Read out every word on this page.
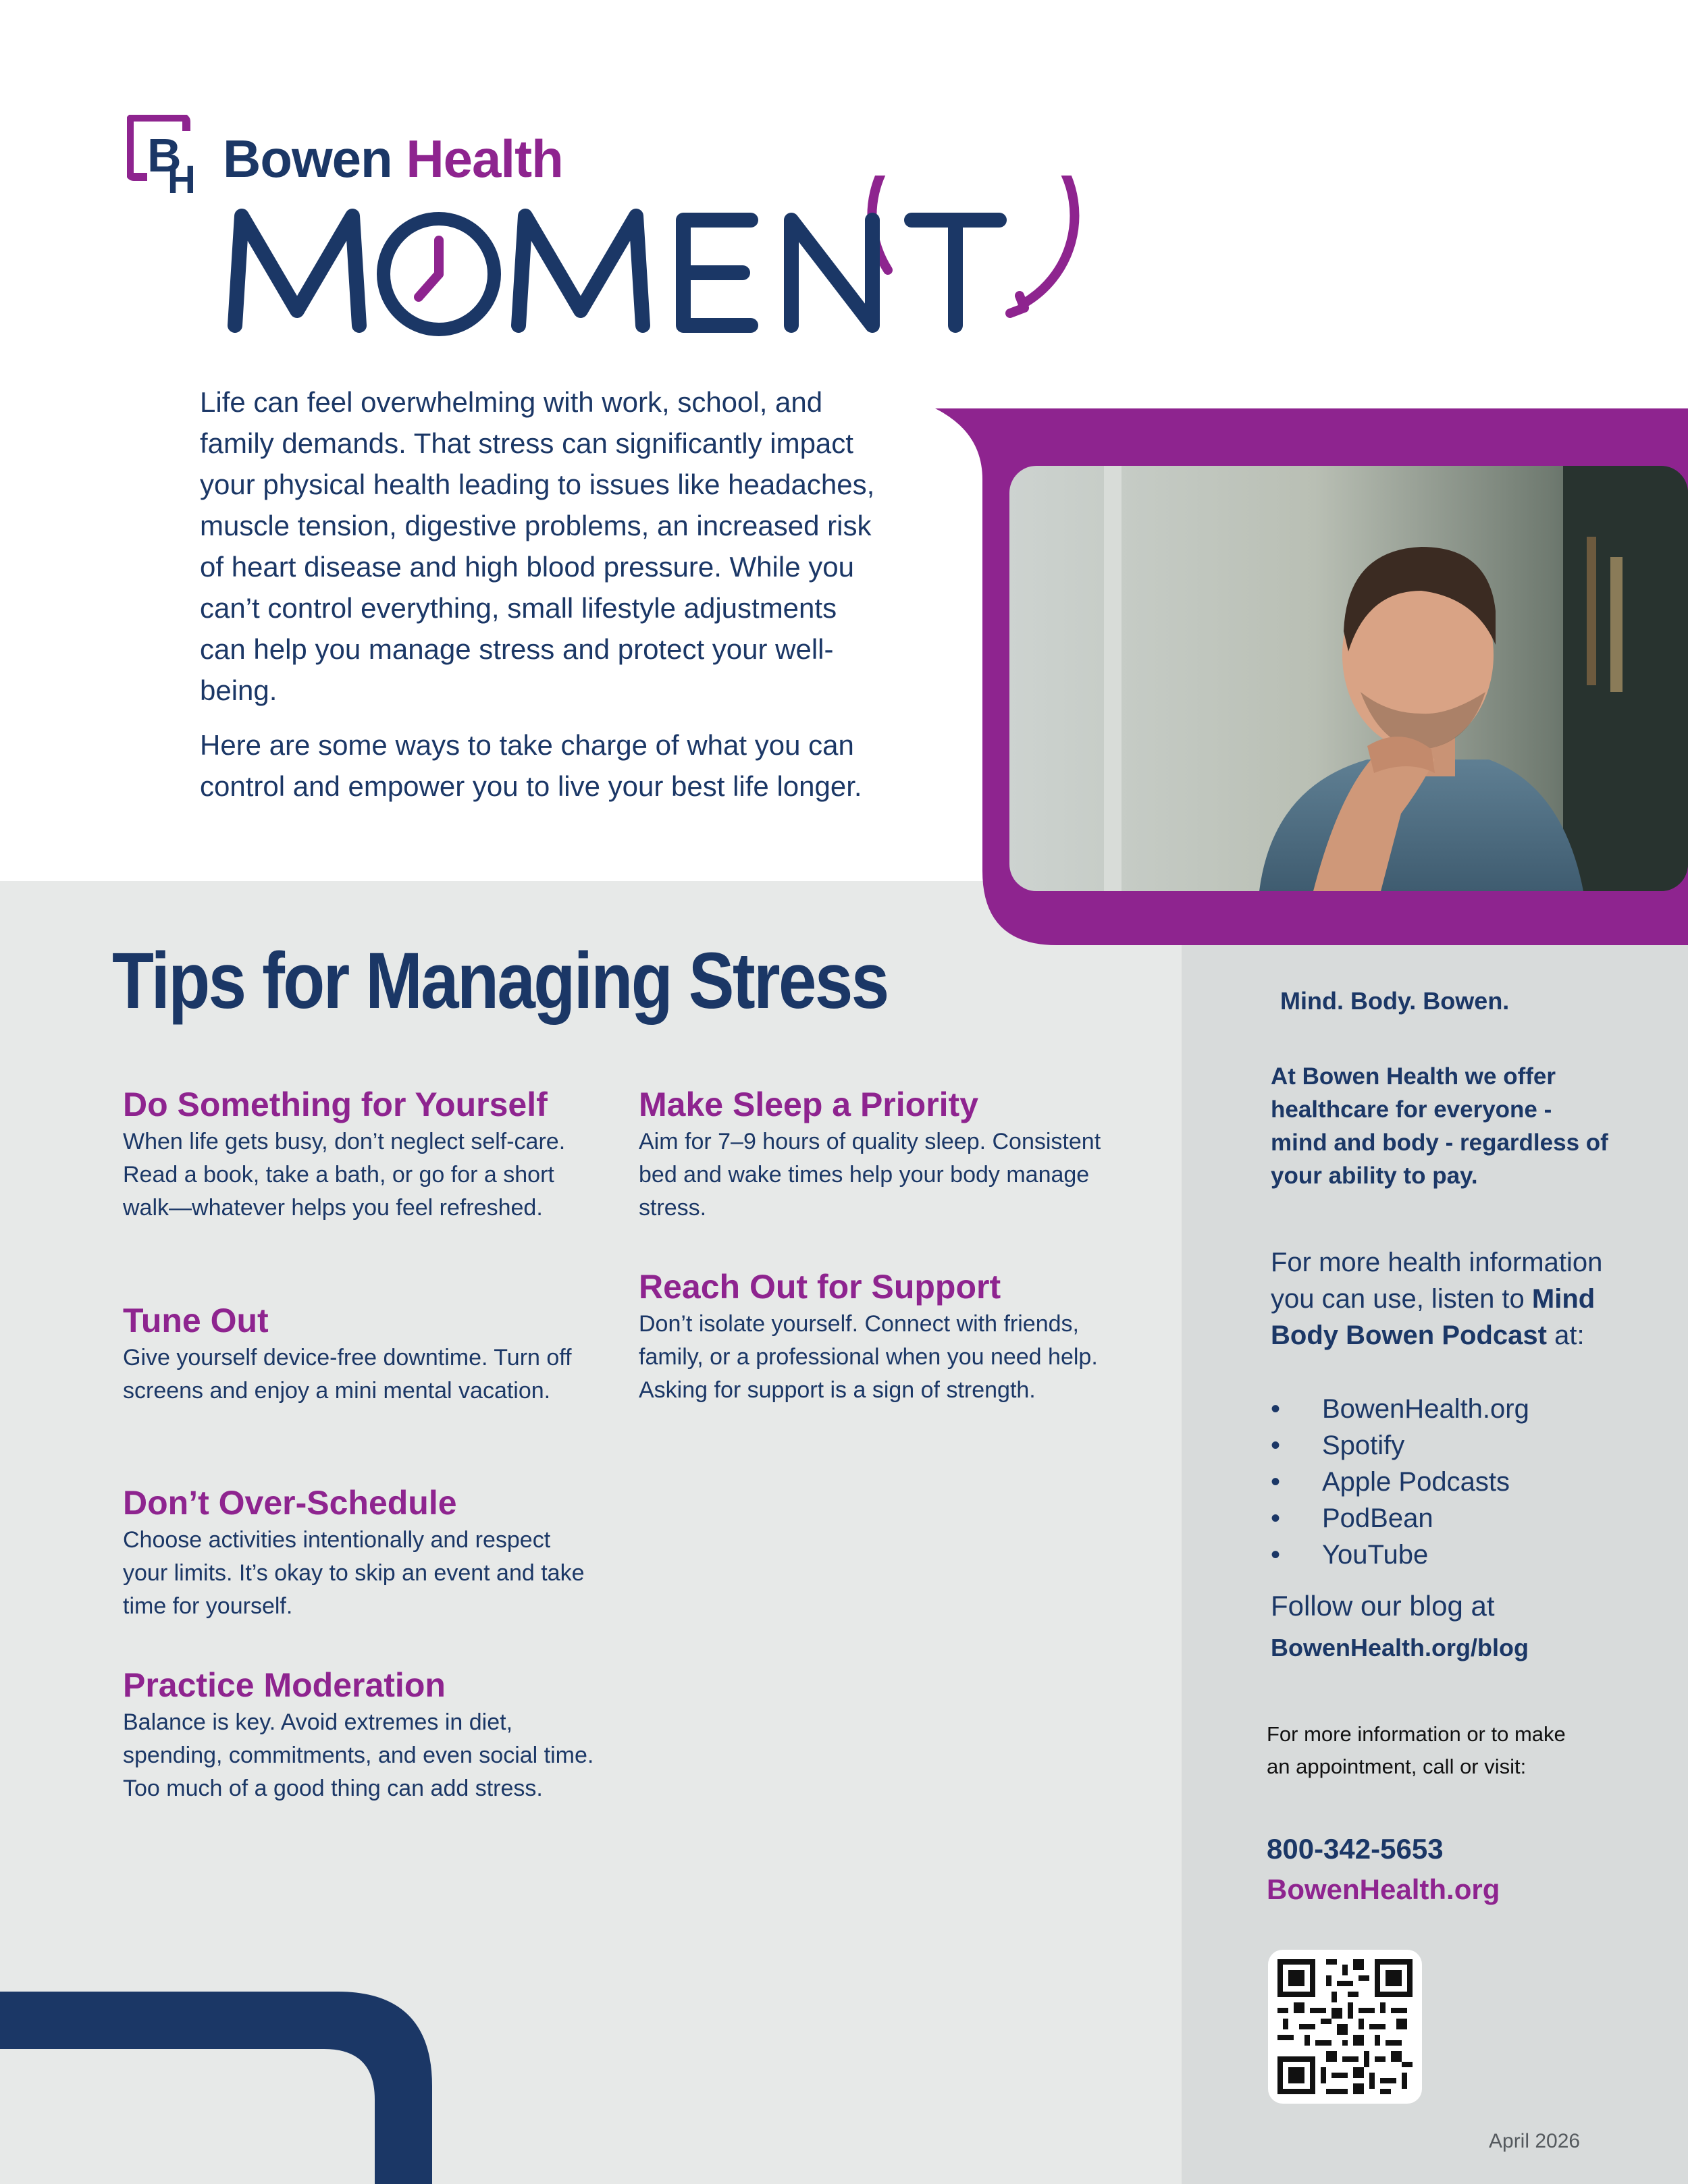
B
H Bowen Health

Life can feel overwhelming with work, school, and family demands. That stress can significantly impact your physical health leading to issues like headaches, muscle tension, digestive problems, an increased risk of heart disease and high blood pressure. While you can’t control everything, small lifestyle adjustments can help you manage stress and protect your well-being.

Here are some ways to take charge of what you can control and empower you to live your best life longer.

Tips for Managing Stress
Do Something for Yourself

When life gets busy, don’t neglect self-care. Read a book, take a bath, or go for a short walk—whatever helps you feel refreshed.

Tune Out

Give yourself device-free downtime. Turn off screens and enjoy a mini mental vacation.

Don’t Over-Schedule

Choose activities intentionally and respect your limits. It’s okay to skip an event and take time for yourself.

Practice Moderation

Balance is key. Avoid extremes in diet, spending, commitments, and even social time. Too much of a good thing can add stress.

Make Sleep a Priority

Aim for 7–9 hours of quality sleep. Consistent bed and wake times help your body manage stress.

Reach Out for Support

Don’t isolate yourself. Connect with friends, family, or a professional when you need help. Asking for support is a sign of strength.

Mind. Body. Bowen.
At Bowen Health we offer healthcare for everyone - mind and body - regardless of your ability to pay.
For more health information you can use, listen to Mind Body Bowen Podcast at:
• BowenHealth.org
• Spotify
• Apple Podcasts
• PodBean
• YouTube
Follow our blog at
BowenHealth.org/blog
For more information or to make an appointment, call or visit:
800-342-5653
BowenHealth.org
April 2026
